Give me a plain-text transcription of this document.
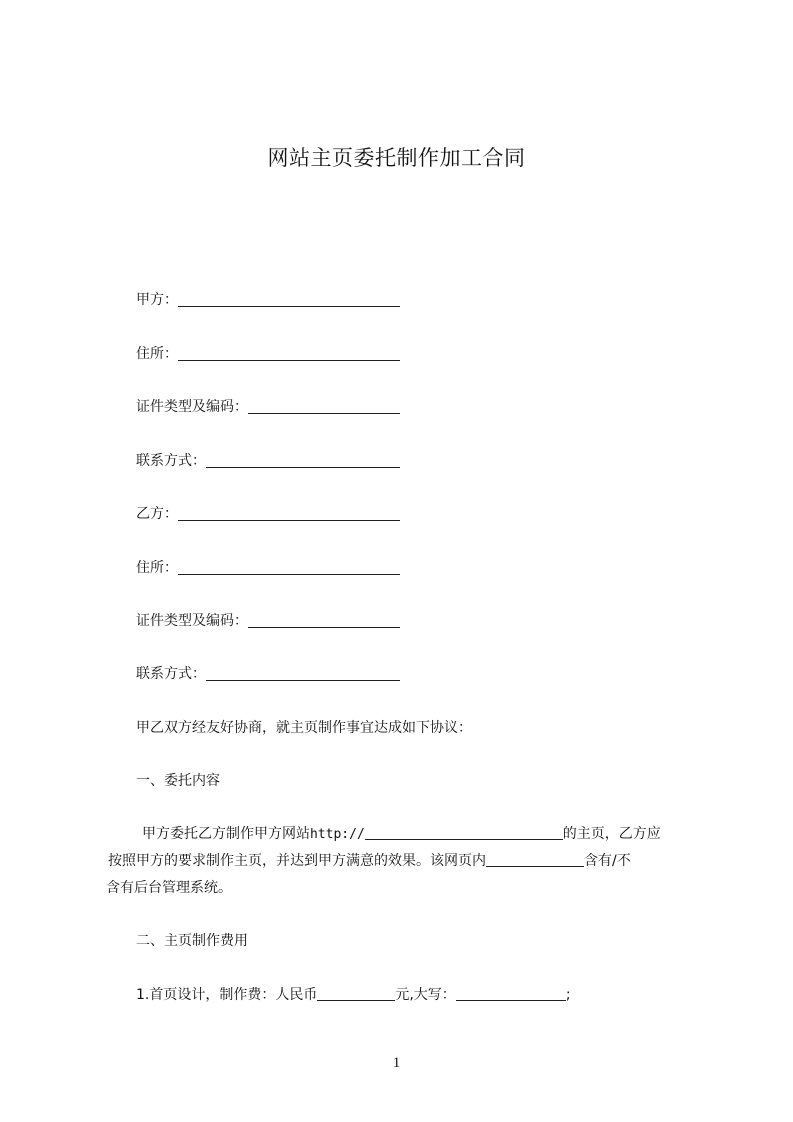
网站主页委托制作加工合同
甲方：
住所：
证件类型及编码：
联系方式：
乙方：
住所：
证件类型及编码：
联系方式：
甲乙双方经友好协商，就主页制作事宜达成如下协议：
一、委托内容
甲方委托乙方制作甲方网站http://	的主页，乙方应
按照甲方的要求制作主页，并达到甲方满意的效果。该网页内	含有/不
含有后台管理系统。
二、主页制作费用
1.首页设计，制作费：人民币	元,大写：	;
1
